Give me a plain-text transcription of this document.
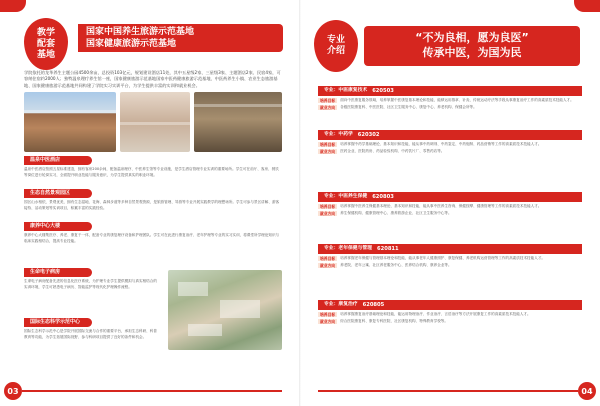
教学
配套
基地
国家中国养生旅游示范基地
国家健康旅游示范基地
学院依托的龙华养生主题公园4500余亩，总投资103亿元，规划建设酒店11处，其中五星级2家、三星级3家、主题酒店2家、民宿4家，可容纳住宿约2000人；独特温泉理疗养生馆一座，国家健康旅游示范基地国家中医药健康旅游示范基地、中医药养生小镇、农业生态旅游基地、国家健康旅游示范基地共同构建了学院实习实训平台，为学生提供丰富的实训和就业机会。
温泉中医酒店
温泉中医酒店按照五星标准建造，拥有客房200余间，配备温泉理疗、中医养生馆等专业设施，是学生酒店管理专业实训的重要场所。学生可在前厅、客房、餐饮等岗位进行轮岗实习，全面提升职业技能与服务意识，为学生提供真实的职业环境。
生态自然景观园区
园区山水相依，景观优美，拥有生态湿地、花海、森林步道等多种自然景观资源，是旅游管理、导游等专业开展实践教学的理想场所。学生可参与景区讲解、游客接待、活动策划等实训项目，积累丰富的实践经验。
康养中心大楼
康养中心大楼集医疗、养老、康复于一体，配备专业的康复理疗设备和护理团队。学生可在此进行康复治疗、老年护理等专业的实习实训，将课堂所学理论知识与临床实践相结合，提高专业技能。
生命电子病房
生命电子病房配备先进的信息化医疗系统，为护理专业学生提供模拟与真实相结合的实训环境，学生可熟悉电子病历、智能监护等现代化护理操作流程。
国际生态科学示范中心
国际生态科学示范中心是学院开展国际交流与合作的重要平台，承担生态科研、科普教育等功能，为学生拓展国际视野、参与科研项目提供了良好的条件和机会。
03
专业
介绍
“不为良相，愿为良医”
传承中医，为国为民
专业：中医康复技术 620503
培养目标	面向中医康复服务领域，培养掌握中医康复基本理论和技能，能够运用推拿、针灸、传统运动疗法等手段从事康复治疗工作的高素质技术技能人才。
就业方向	各级医院康复科、中医医院、社区卫生服务中心、康复中心、养老机构、保健会所等。
专业：中药学 620302
培养目标	培养掌握中药学基础理论、基本知识和技能，能从事中药调剂、中药鉴定、中药炮制、药品营销等工作的高素质技术技能人才。
就业方向	医药企业、医院药房、药品检验机构、中药饮片厂、零售药店等。
专业：中医养生保健 620803
培养目标	培养掌握中医养生保健基本理论、基本知识和技能，能从事中医养生咨询、保健按摩、健康管理等工作的高素质技术技能人才。
就业方向	养生保健机构、健康管理中心、康养旅游企业、社区卫生服务中心等。
专业：老年保健与管理 620811
培养目标	培养掌握老年保健与管理基本理论和技能，能从事老年人健康照护、康复保健、养老机构运营管理等工作的高素质技术技能人才。
就业方向	养老院、老年公寓、社区养老服务中心、医养结合机构、康养企业等。
专业：康复治疗 620805
培养目标	培养掌握康复治疗基础理论和技能，能运用物理治疗、作业治疗、言语治疗等方法开展康复工作的高素质技术技能人才。
就业方向	综合医院康复科、康复专科医院、社区康复机构、特殊教育学校等。
04
